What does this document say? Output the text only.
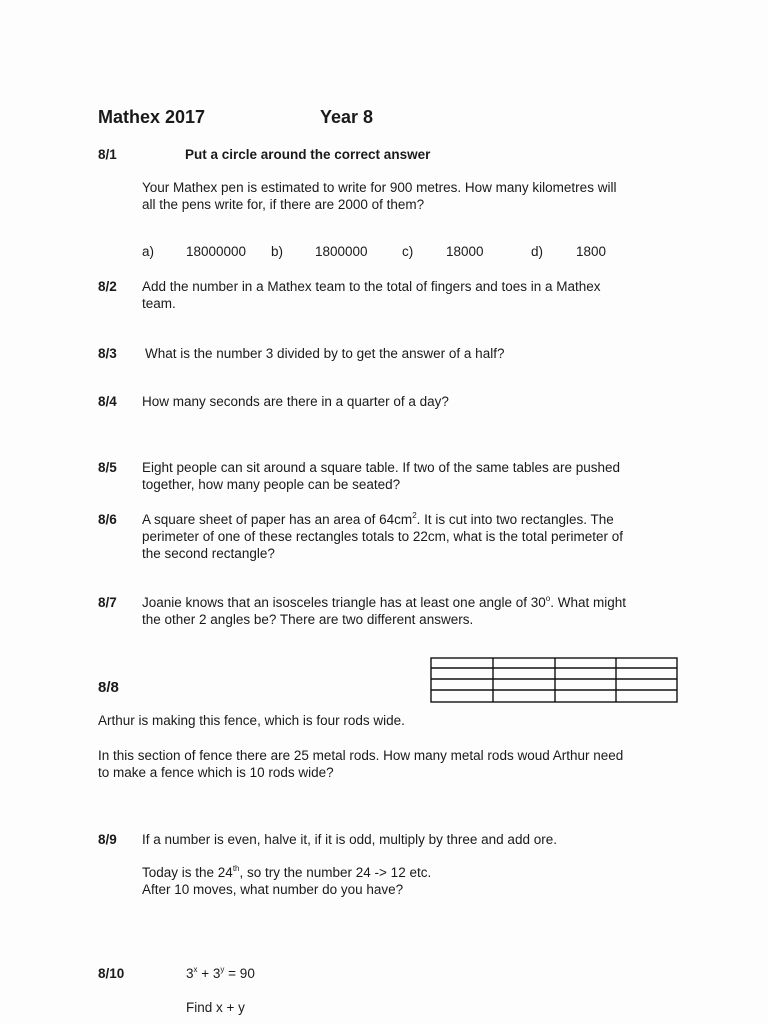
Mathex 2017	Year 8
8/1	Put a circle around the correct answer
Your Mathex pen is estimated to write for 900 metres. How many kilometres will
all the pens write for, if there are 2000 of them?
a) 18000000 b) 1800000	c) 18000	d) 1800
8/2 Add the number in a Mathex team to the total of fingers and toes in a Mathex
team.
8/3 What is the number 3 divided by to get the answer of a half?
8/4 How many seconds are there in a quarter of a day?
8/5 Eight people can sit around a square table. If two of the same tables are pushed
together, how many people can be seated?
8/6 A square sheet of paper has an area of $64cm^2$. It is cut into two rectangles. The
perimeter of one of these rectangles totals to 22cm, what is the total perimeter of
the second rectangle?
8/7 Joanie knows that an isosceles triangle has at least one angle of 30$^o$. What might
the other 2 angles be? There are two different answers.
8/8
Arthur is making this fence, which is four rods wide.
In this section of fence there are 25 metal rods. How many metal rods woud Arthur need
to make a fence which is 10 rods wide?
8/9 If a number is even, halve it, if it is odd, multiply by three and add ore.
Today is the 24th, so try the number 24 -> 12 etc.
After 10 moves, what number do you have?
8/10	$3^x + 3^y = 90$
Find x + y
